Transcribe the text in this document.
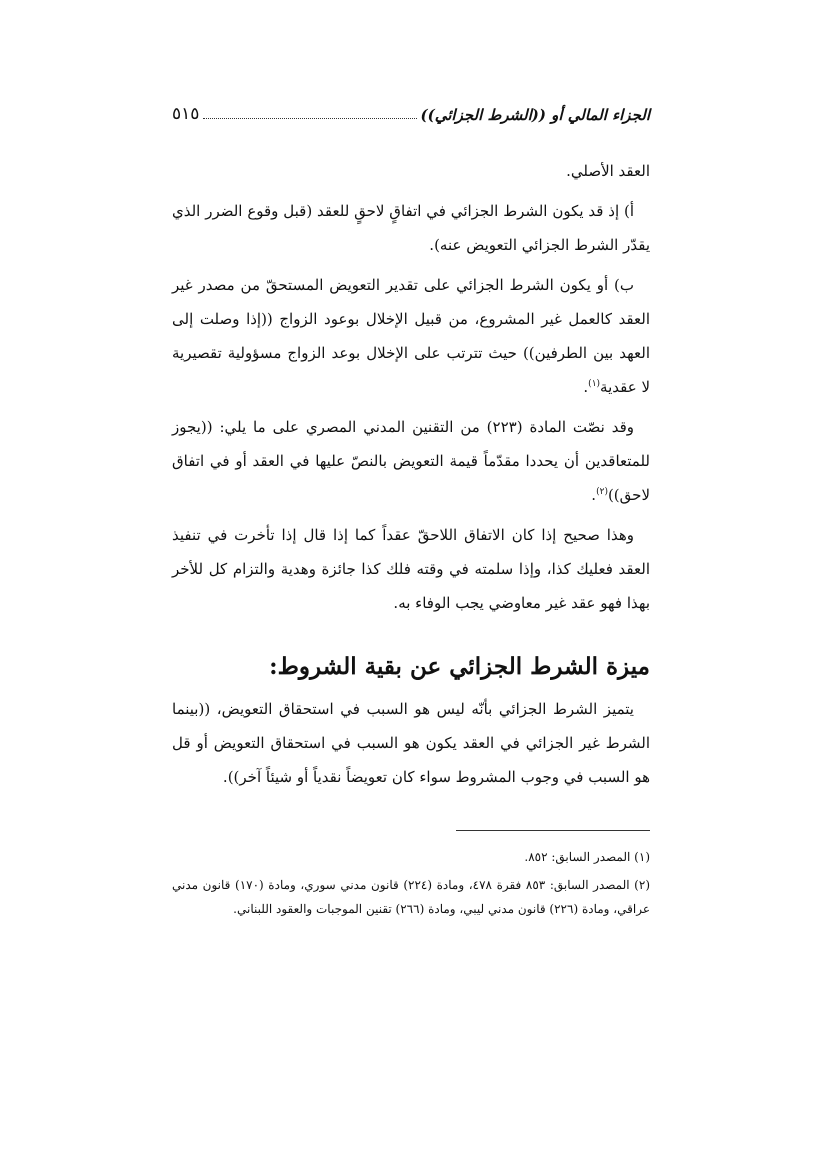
الجزاء المالي أو ((الشرط الجزائي))
٥١٥

العقد الأصلي.

أ) إذ قد يكون الشرط الجزائي في اتفاقٍ لاحقٍ للعقد (قبل وقوع الضرر الذي يقدّر الشرط الجزائي التعويض عنه).

ب) أو يكون الشرط الجزائي على تقدير التعويض المستحقّ من مصدر غير العقد كالعمل غير المشروع، من قبيل الإخلال بوعود الزواج ((إذا وصلت إلى العهد بين الطرفين)) حيث تترتب على الإخلال بوعد الزواج مسؤولية تقصيرية لا عقدية$^{(١)}$.

وقد نصّت المادة (٢٢٣) من التقنين المدني المصري على ما يلي: ((يجوز للمتعاقدين أن يحددا مقدّماً قيمة التعويض بالنصّ عليها في العقد أو في اتفاق لاحق))$^{(٢)}$.

وهذا صحيح إذا كان الاتفاق اللاحقّ عقداً كما إذا قال إذا تأخرت في تنفيذ العقد فعليك كذا، وإذا سلمته في وقته فلك كذا جائزة وهدية والتزام كل للأخر بهذا فهو عقد غير معاوضي يجب الوفاء به.

ميزة الشرط الجزائي عن بقية الشروط:

يتميز الشرط الجزائي بأنّه ليس هو السبب في استحقاق التعويض، ((بينما الشرط غير الجزائي في العقد يكون هو السبب في استحقاق التعويض أو قل هو السبب في وجوب المشروط سواء كان تعويضاً نقدياً أو شيئاً آخر)).

(١) المصدر السابق: ٨٥٢.

(٢) المصدر السابق: ٨٥٣ فقرة ٤٧٨، ومادة (٢٢٤) قانون مدني سوري، ومادة (١٧٠) قانون مدني عراقي، ومادة (٢٢٦) قانون مدني ليبي، ومادة (٢٦٦) تقنين الموجبات والعقود اللبناني.
